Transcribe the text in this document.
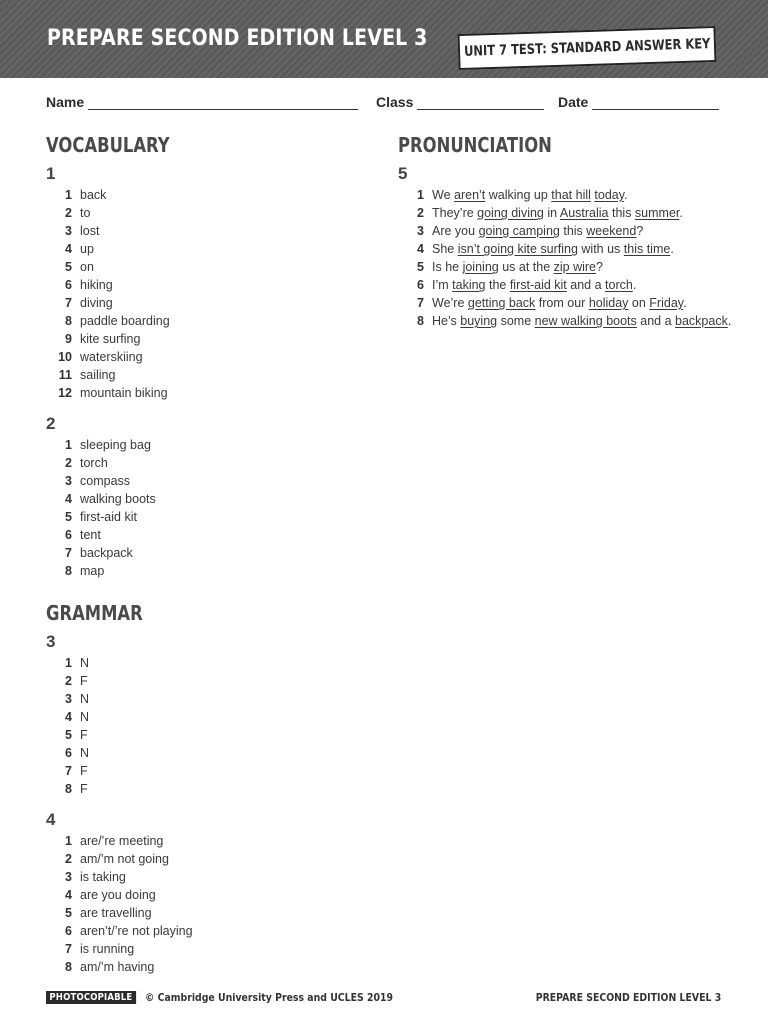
PREPARE SECOND EDITION LEVEL 3	UNIT 7 TEST: STANDARD ANSWER KEY
Name	Class	Date
VOCABULARY
1
1 back
2 to
3 lost
4 up
5 on
6 hiking
7 diving
8 paddle boarding
9 kite surfing
10 waterskiing
11 sailing
12 mountain biking
2
1 sleeping bag
2 torch
3 compass
4 walking boots
5 first-aid kit
6 tent
7 backpack
8 map
GRAMMAR
3
1 N
2 F
3 N
4 N
5 F
6 N
7 F
8 F
4
1 are/’re meeting
2 am/’m not going
3 is taking
4 are you doing
5 are travelling
6 aren’t/’re not playing
7 is running
8 am/’m having
PRONUNCIATION
5
1 We aren’t walking up that hill today.
2 They’re going diving in Australia this summer.
3 Are you going camping this weekend?
4 She isn’t going kite surfing with us this time.
5 Is he joining us at the zip wire?
6 I’m taking the first-aid kit and a torch.
7 We’re getting back from our holiday on Friday.
8 He’s buying some new walking boots and a backpack.
PHOTOCOPIABLE	© Cambridge University Press and UCLES 2019	PREPARE SECOND EDITION LEVEL 3
